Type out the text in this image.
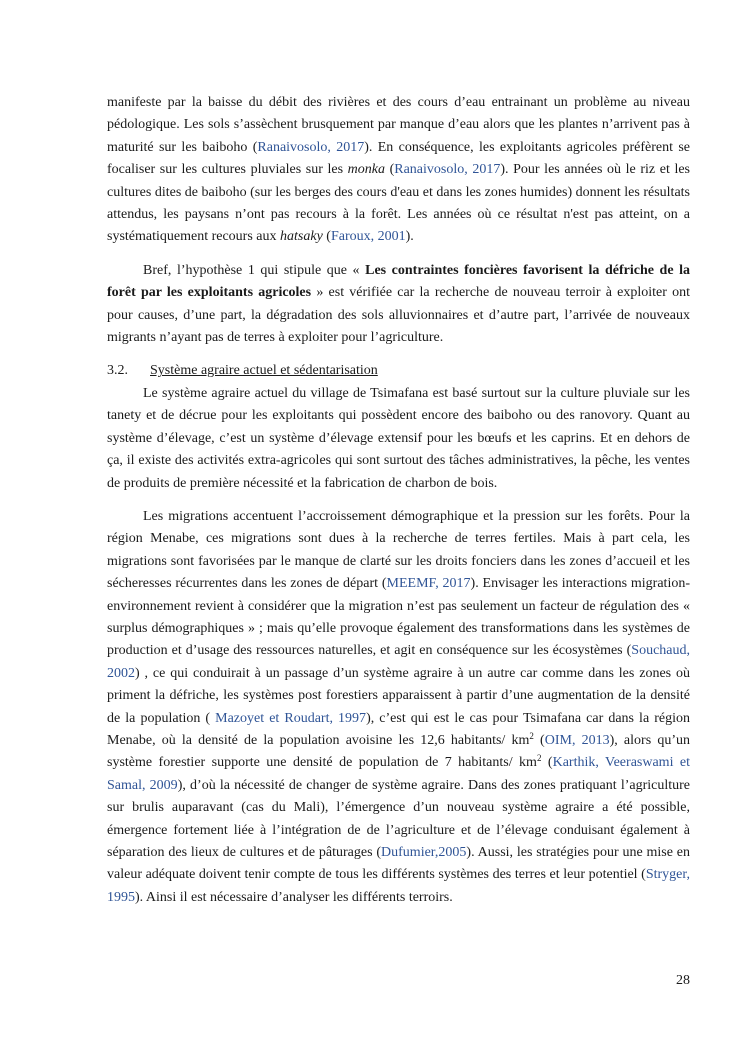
manifeste par la baisse du débit des rivières et des cours d’eau entrainant un problème au niveau pédologique. Les sols s’assèchent brusquement par manque d’eau alors que les plantes n’arrivent pas à maturité sur les baiboho (Ranaivosolo, 2017). En conséquence, les exploitants agricoles préfèrent se focaliser sur les cultures pluviales sur les monka (Ranaivosolo, 2017). Pour les années où le riz et les cultures dites de baiboho (sur les berges des cours d'eau et dans les zones humides) donnent les résultats attendus, les paysans n’ont pas recours à la forêt. Les années où ce résultat n'est pas atteint, on a systématiquement recours aux hatsaky (Faroux, 2001).

Bref, l’hypothèse 1 qui stipule que « Les contraintes foncières favorisent la défriche de la forêt par les exploitants agricoles » est vérifiée car la recherche de nouveau terroir à exploiter ont pour causes, d’une part, la dégradation des sols alluvionnaires et d’autre part, l’arrivée de nouveaux migrants n’ayant pas de terres à exploiter pour l’agriculture.

3.2.	Système agraire actuel et sédentarisation

Le système agraire actuel du village de Tsimafana est basé surtout sur la culture pluviale sur les tanety et de décrue pour les exploitants qui possèdent encore des baiboho ou des ranovory. Quant au système d’élevage, c’est un système d’élevage extensif pour les bœufs et les caprins. Et en dehors de ça, il existe des activités extra-agricoles qui sont surtout des tâches administratives, la pêche, les ventes de produits de première nécessité et la fabrication de charbon de bois.

Les migrations accentuent l’accroissement démographique et la pression sur les forêts. Pour la région Menabe, ces migrations sont dues à la recherche de terres fertiles. Mais à part cela, les migrations sont favorisées par le manque de clarté sur les droits fonciers dans les zones d’accueil et les sécheresses récurrentes dans les zones de départ (MEEMF, 2017). Envisager les interactions migration-environnement revient à considérer que la migration n’est pas seulement un facteur de régulation des « surplus démographiques » ; mais qu’elle provoque également des transformations dans les systèmes de production et d’usage des ressources naturelles, et agit en conséquence sur les écosystèmes (Souchaud, 2002) , ce qui conduirait à un passage d’un système agraire à un autre car comme dans les zones où priment la défriche, les systèmes post forestiers apparaissent à partir d’une augmentation de la densité de la population ( Mazoyet et Roudart, 1997), c’est qui est le cas pour Tsimafana car dans la région Menabe, où la densité de la population avoisine les 12,6 habitants/ $km^2$ (OIM, 2013), alors qu’un système forestier supporte une densité de population de 7 habitants/ $km^2$ (Karthik, Veeraswami et Samal, 2009), d’où la nécessité de changer de système agraire. Dans des zones pratiquant l’agriculture sur brulis auparavant (cas du Mali), l’émergence d’un nouveau système agraire a été possible, émergence fortement liée à l’intégration de de l’agriculture et de l’élevage conduisant également à séparation des lieux de cultures et de pâturages (Dufumier,2005). Aussi, les stratégies pour une mise en valeur adéquate doivent tenir compte de tous les différents systèmes des terres et leur potentiel (Stryger, 1995). Ainsi il est nécessaire d’analyser les différents terroirs.

28
